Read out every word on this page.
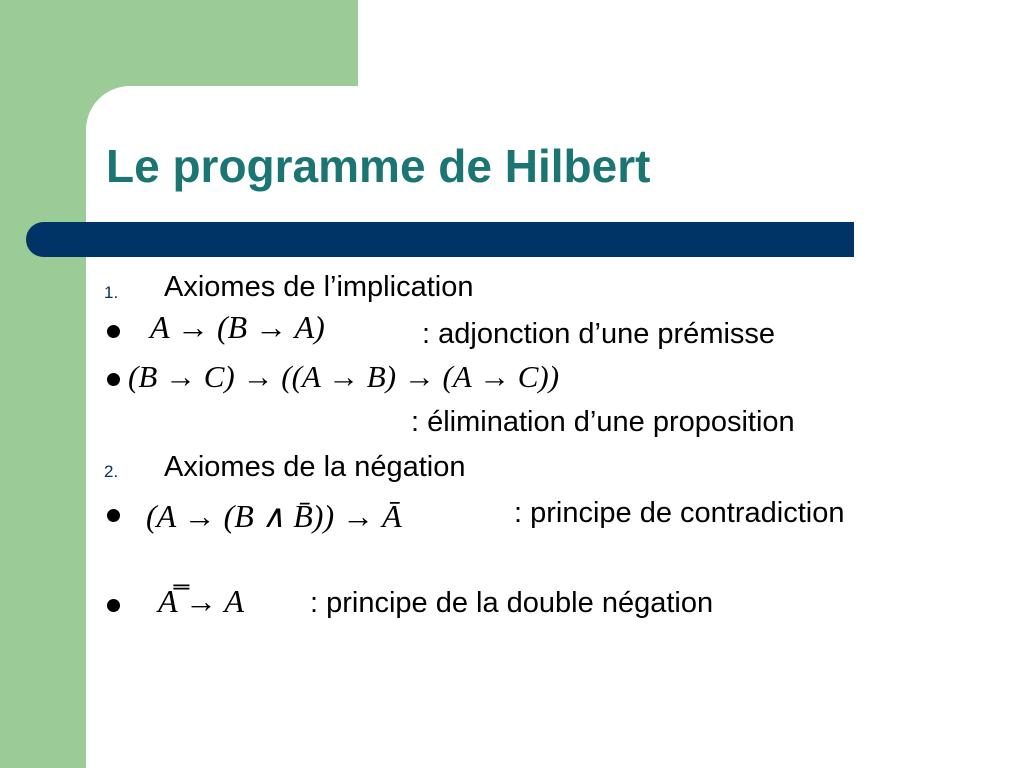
Le programme de Hilbert
1. Axiomes de l’implication
A → (B → A)	: adjonction d’une prémisse
(B → C) → ((A → B) → (A → C))
: élimination d’une proposition
2. Axiomes de la négation
(A → (B ∧ B̄)) → Ā	: principe de contradiction
A̿ → A : principe de la double négation
